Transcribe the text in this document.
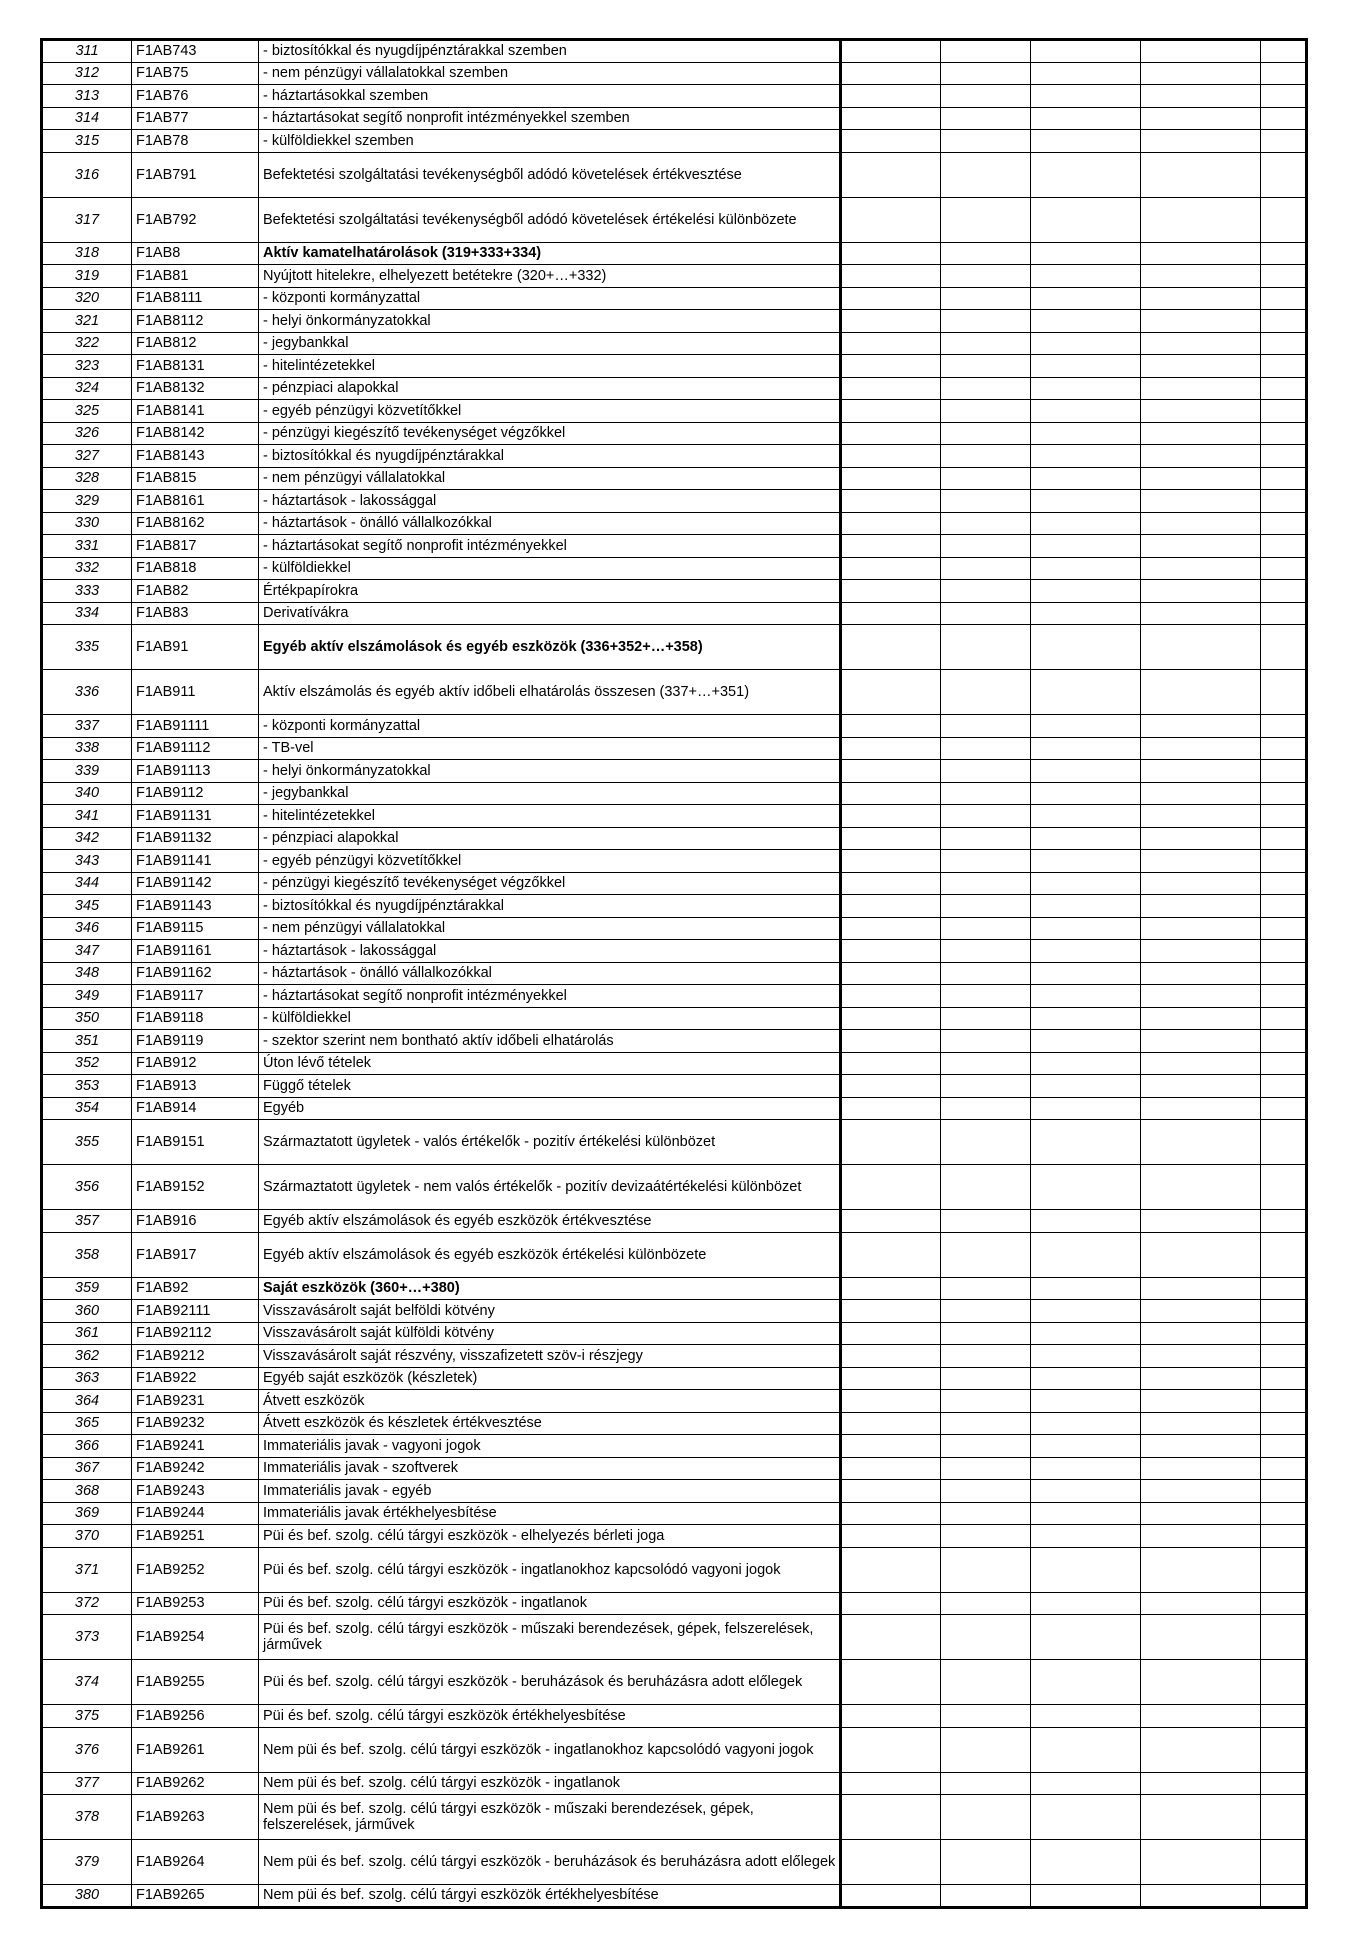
311	F1AB743	- biztosítókkal és nyugdíjpénztárakkal szemben					
312	F1AB75	- nem pénzügyi vállalatokkal szemben					
313	F1AB76	- háztartásokkal szemben					
314	F1AB77	- háztartásokat segítő nonprofit intézményekkel szemben					
315	F1AB78	- külföldiekkel szemben					
316	F1AB791	Befektetési szolgáltatási tevékenységből adódó követelések értékvesztése					
317	F1AB792	Befektetési szolgáltatási tevékenységből adódó követelések értékelési különbözete					
318	F1AB8	Aktív kamatelhatárolások (319+333+334)					
319	F1AB81	Nyújtott hitelekre, elhelyezett betétekre (320+…+332)					
320	F1AB8111	- központi kormányzattal					
321	F1AB8112	- helyi önkormányzatokkal					
322	F1AB812	- jegybankkal					
323	F1AB8131	- hitelintézetekkel					
324	F1AB8132	- pénzpiaci alapokkal					
325	F1AB8141	- egyéb pénzügyi közvetítőkkel					
326	F1AB8142	- pénzügyi kiegészítő tevékenységet végzőkkel					
327	F1AB8143	- biztosítókkal és nyugdíjpénztárakkal					
328	F1AB815	- nem pénzügyi vállalatokkal					
329	F1AB8161	- háztartások - lakossággal					
330	F1AB8162	- háztartások - önálló vállalkozókkal					
331	F1AB817	- háztartásokat segítő nonprofit intézményekkel					
332	F1AB818	- külföldiekkel					
333	F1AB82	Értékpapírokra					
334	F1AB83	Derivatívákra					
335	F1AB91	Egyéb aktív elszámolások és egyéb eszközök (336+352+…+358)					
336	F1AB911	Aktív elszámolás és egyéb aktív időbeli elhatárolás összesen (337+…+351)					
337	F1AB91111	- központi kormányzattal					
338	F1AB91112	- TB-vel					
339	F1AB91113	- helyi önkormányzatokkal					
340	F1AB9112	- jegybankkal					
341	F1AB91131	- hitelintézetekkel					
342	F1AB91132	- pénzpiaci alapokkal					
343	F1AB91141	- egyéb pénzügyi közvetítőkkel					
344	F1AB91142	- pénzügyi kiegészítő tevékenységet végzőkkel					
345	F1AB91143	- biztosítókkal és nyugdíjpénztárakkal					
346	F1AB9115	- nem pénzügyi vállalatokkal					
347	F1AB91161	- háztartások - lakossággal					
348	F1AB91162	- háztartások - önálló vállalkozókkal					
349	F1AB9117	- háztartásokat segítő nonprofit intézményekkel					
350	F1AB9118	- külföldiekkel					
351	F1AB9119	- szektor szerint nem bontható aktív időbeli elhatárolás					
352	F1AB912	Úton lévő tételek					
353	F1AB913	Függő tételek					
354	F1AB914	Egyéb					
355	F1AB9151	Származtatott ügyletek - valós értékelők - pozitív értékelési különbözet					
356	F1AB9152	Származtatott ügyletek - nem valós értékelők - pozitív devizaátértékelési különbözet					
357	F1AB916	Egyéb aktív elszámolások és egyéb eszközök értékvesztése					
358	F1AB917	Egyéb aktív elszámolások és egyéb eszközök értékelési különbözete					
359	F1AB92	Saját eszközök (360+…+380)					
360	F1AB92111	Visszavásárolt saját belföldi kötvény					
361	F1AB92112	Visszavásárolt saját külföldi kötvény					
362	F1AB9212	Visszavásárolt saját részvény, visszafizetett szöv-i részjegy					
363	F1AB922	Egyéb saját eszközök (készletek)					
364	F1AB9231	Átvett eszközök					
365	F1AB9232	Átvett eszközök és készletek értékvesztése					
366	F1AB9241	Immateriális javak - vagyoni jogok					
367	F1AB9242	Immateriális javak - szoftverek					
368	F1AB9243	Immateriális javak - egyéb					
369	F1AB9244	Immateriális javak értékhelyesbítése					
370	F1AB9251	Püi és bef. szolg. célú tárgyi eszközök - elhelyezés bérleti joga					
371	F1AB9252	Püi és bef. szolg. célú tárgyi eszközök - ingatlanokhoz kapcsolódó vagyoni jogok					
372	F1AB9253	Püi és bef. szolg. célú tárgyi eszközök - ingatlanok					
373	F1AB9254	Püi és bef. szolg. célú tárgyi eszközök - műszaki berendezések, gépek, felszerelések, járművek					
374	F1AB9255	Püi és bef. szolg. célú tárgyi eszközök - beruházások és beruházásra adott előlegek					
375	F1AB9256	Püi és bef. szolg. célú tárgyi eszközök értékhelyesbítése					
376	F1AB9261	Nem püi és bef. szolg. célú tárgyi eszközök - ingatlanokhoz kapcsolódó vagyoni jogok					
377	F1AB9262	Nem püi és bef. szolg. célú tárgyi eszközök - ingatlanok					
378	F1AB9263	Nem püi és bef. szolg. célú tárgyi eszközök - műszaki berendezések, gépek, felszerelések, járművek					
379	F1AB9264	Nem püi és bef. szolg. célú tárgyi eszközök - beruházások és beruházásra adott előlegek					
380	F1AB9265	Nem püi és bef. szolg. célú tárgyi eszközök értékhelyesbítése					
